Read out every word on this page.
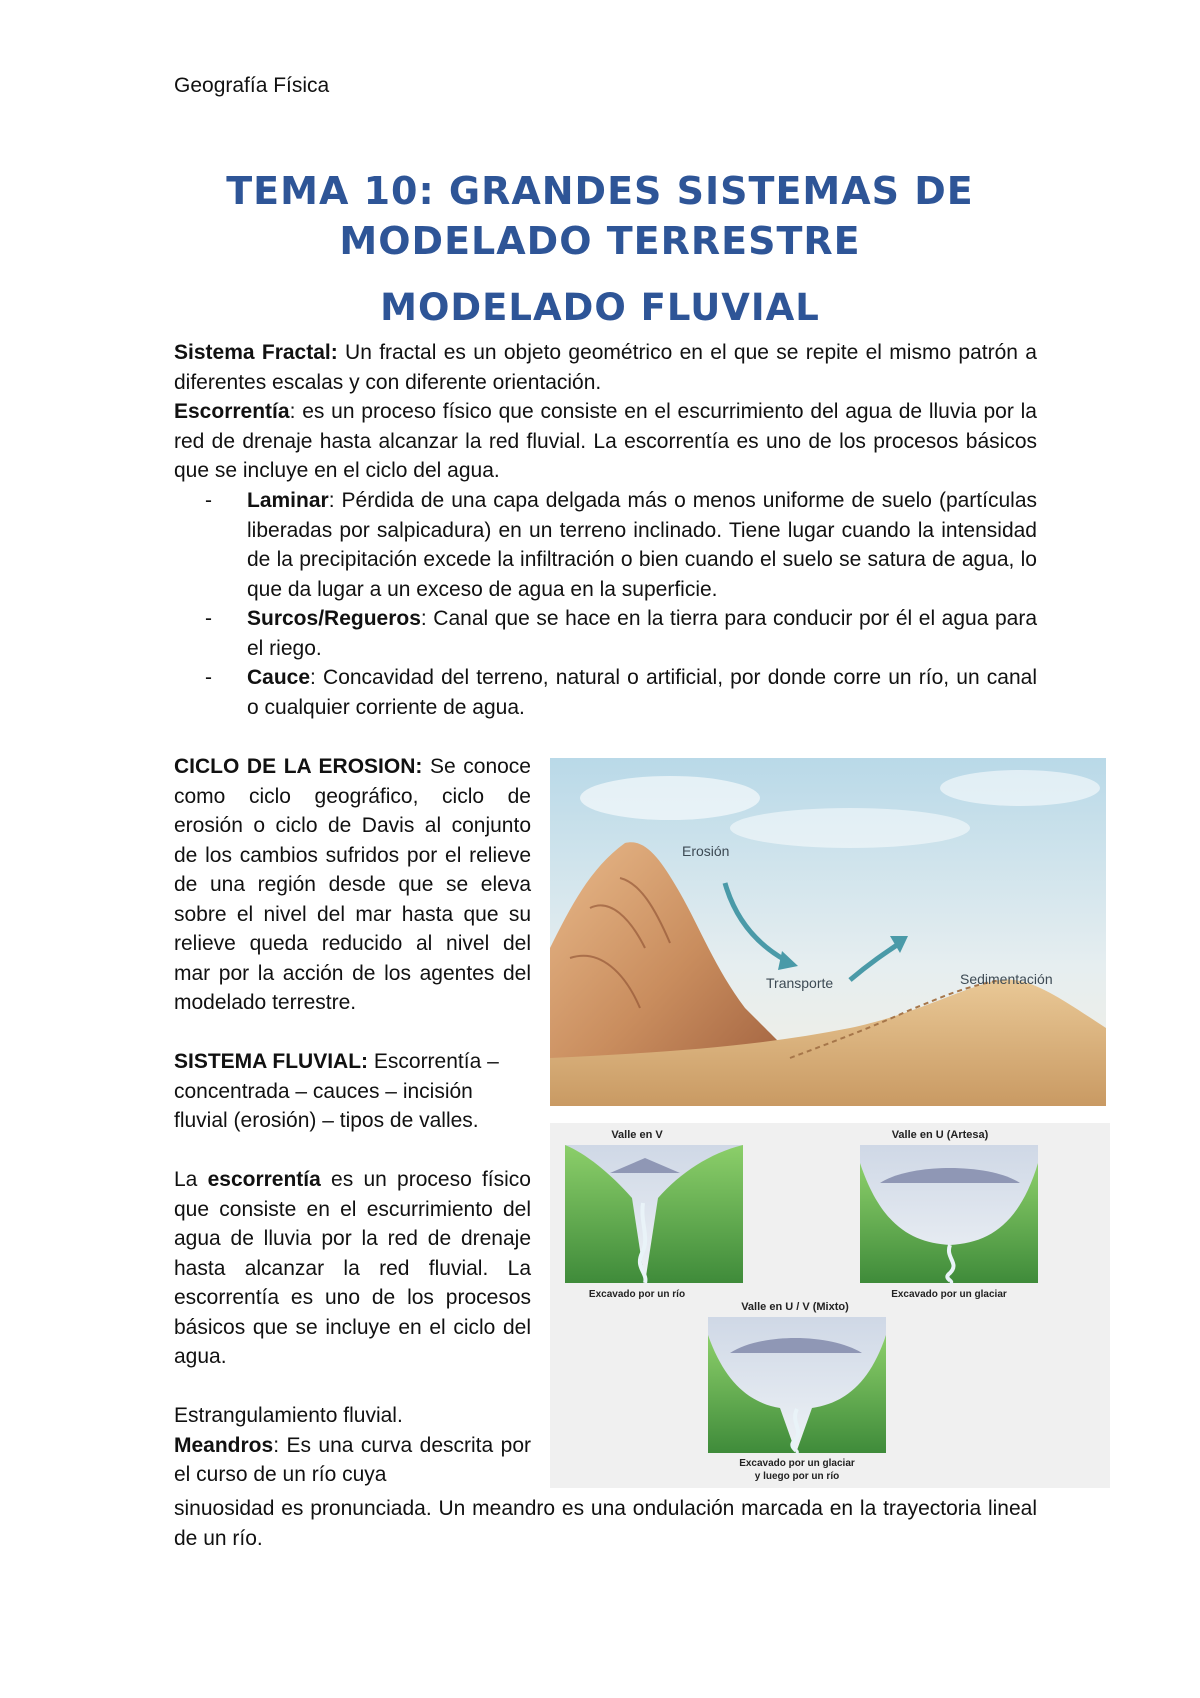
Geografía Física
TEMA 10: GRANDES SISTEMAS DE
MODELADO TERRESTRE
MODELADO FLUVIAL
Sistema Fractal: Un fractal es un objeto geométrico en el que se repite el mismo patrón a diferentes escalas y con diferente orientación.
Escorrentía: es un proceso físico que consiste en el escurrimiento del agua de lluvia por la red de drenaje hasta alcanzar la red fluvial. La escorrentía es uno de los procesos básicos que se incluye en el ciclo del agua.
- Laminar: Pérdida de una capa delgada más o menos uniforme de suelo (partículas liberadas por salpicadura) en un terreno inclinado. Tiene lugar cuando la intensidad de la precipitación excede la infiltración o bien cuando el suelo se satura de agua, lo que da lugar a un exceso de agua en la superficie.
- Surcos/Regueros: Canal que se hace en la tierra para conducir por él el agua para el riego.
- Cauce: Concavidad del terreno, natural o artificial, por donde corre un río, un canal o cualquier corriente de agua.

CICLO DE LA EROSION: Se conoce como ciclo geográfico, ciclo de erosión o ciclo de Davis al conjunto de los cambios sufridos por el relieve de una región desde que se eleva sobre el nivel del mar hasta que su relieve queda reducido al nivel del mar por la acción de los agentes del modelado terrestre.

SISTEMA FLUVIAL: Escorrentía – concentrada – cauces – incisión fluvial (erosión) – tipos de valles.

La escorrentía es un proceso físico que consiste en el escurrimiento del agua de lluvia por la red de drenaje hasta alcanzar la red fluvial. La escorrentía es uno de los procesos básicos que se incluye en el ciclo del agua.

Estrangulamiento fluvial.

Meandros: Es una curva descrita por el curso de un río cuya

sinuosidad es pronunciada. Un meandro es una ondulación marcada en la trayectoria lineal de un río.
Erosión
Transporte	Sedimentación
Valle en V
Excavado por un río
Valle en U (Artesa)
Excavado por un glaciar
Valle en U / V (Mixto)
Excavado por un glaciar
y luego por un río
